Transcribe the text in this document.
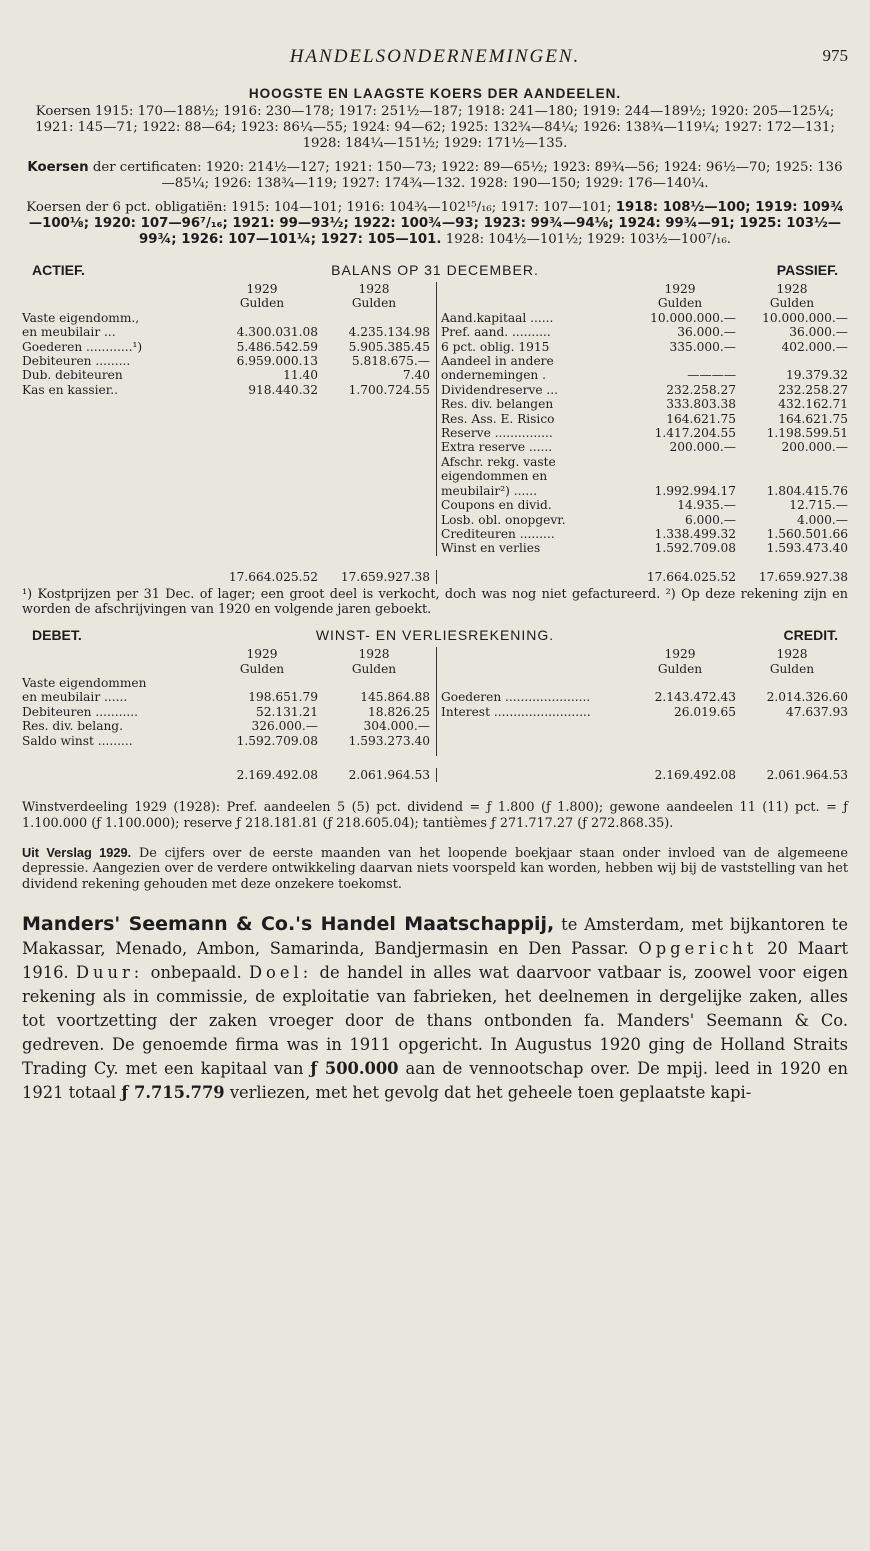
HANDELSONDERNEMINGEN.	975
HOOGSTE EN LAAGSTE KOERS DER AANDEELEN.

Koersen 1915: 170—188½; 1916: 230—178; 1917: 251½—187; 1918: 241—180; 1919: 244—189½; 1920: 205—125¼; 1921: 145—71; 1922: 88—64; 1923: 86¼—55; 1924: 94—62; 1925: 132¾—84¼; 1926: 138¾—119¼; 1927: 172—131; 1928: 184¼—151½; 1929: 171½—135.

Koersen der certificaten: 1920: 214½—127; 1921: 150—73; 1922: 89—65½; 1923: 89¾—56; 1924: 96½—70; 1925: 136—85¼; 1926: 138¾—119; 1927: 174¾—132. 1928: 190—150; 1929: 176—140¼.

Koersen der 6 pct. obligatiën: 1915: 104—101; 1916: 104¾—102¹⁵/₁₆; 1917: 107—101; 1918: 108½—100; 1919: 109¾—100⅛; 1920: 107—96⁷/₁₆; 1921: 99—93½; 1922: 100¾—93; 1923: 99¾—94⅛; 1924: 99¾—91; 1925: 103½—99¾; 1926: 107—101¼; 1927: 105—101. 1928: 104½—101½; 1929: 103½—100⁷/₁₆.

ACTIEF.	BALANS OP 31 DECEMBER.	PASSIEF.
1929	1928
Gulden	Gulden
Vaste eigendomm.,
en meubilair ...	4.300.031.08	4.235.134.98
Goederen ............¹)	5.486.542.59	5.905.385.45
Debiteuren .........	6.959.000.13	5.818.675.—
Dub. debiteuren	11.40	7.40
Kas en kassier..	918.440.32	1.700.724.55
1929	1928
Gulden	Gulden
Aand.kapitaal ......	10.000.000.—	10.000.000.—
Pref. aand. ..........	36.000.—	36.000.—
6 pct. oblig. 1915	335.000.—	402.000.—
Aandeel in andere
ondernemingen .	————	19.379.32
Dividendreserve ...	232.258.27	232.258.27
Res. div. belangen	333.803.38	432.162.71
Res. Ass. E. Risico	164.621.75	164.621.75
Reserve ...............	1.417.204.55	1.198.599.51
Extra reserve ......	200.000.—	200.000.—
Afschr. rekg. vaste
eigendommen en
meubilair²) ......	1.992.994.17	1.804.415.76
Coupons en divid.	14.935.—	12.715.—
Losb. obl. onopgevr.	6.000.—	4.000.—
Crediteuren .........	1.338.499.32	1.560.501.66
Winst en verlies	1.592.709.08	1.593.473.40
17.664.025.52	17.659.927.38	17.664.025.52	17.659.927.38

¹) Kostprijzen per 31 Dec. of lager; een groot deel is verkocht, doch was nog niet gefactureerd. ²) Op deze rekening zijn en worden de afschrijvingen van 1920 en volgende jaren geboekt.

DEBET.	WINST- EN VERLIESREKENING.	CREDIT.
1929	1928
Gulden	Gulden
Vaste eigendommen
en meubilair ......	198.651.79	145.864.88
Debiteuren ...........	52.131.21	18.826.25
Res. div. belang.	326.000.—	304.000.—
Saldo winst .........	1.592.709.08	1.593.273.40
1929	1928
Gulden	Gulden
Goederen ......................	2.143.472.43	2.014.326.60
Interest .........................	26.019.65	47.637.93
2.169.492.08	2.061.964.53	2.169.492.08	2.061.964.53

Winstverdeeling 1929 (1928): Pref. aandeelen 5 (5) pct. dividend = ƒ 1.800 (ƒ 1.800); gewone aandeelen 11 (11) pct. = ƒ 1.100.000 (ƒ 1.100.000); reserve ƒ 218.181.81 (ƒ 218.605.04); tantièmes ƒ 271.717.27 (ƒ 272.868.35).

Uit Verslag 1929. De cijfers over de eerste maanden van het loopende boekjaar staan onder invloed van de algemeene depressie. Aangezien over de verdere ontwikkeling daarvan niets voorspeld kan worden, hebben wij bij de vaststelling van het dividend rekening gehouden met deze onzekere toekomst.

Manders' Seemann & Co.'s Handel Maatschappij, te Amsterdam, met bijkantoren te Makassar, Menado, Ambon, Samarinda, Bandjermasin en Den Passar. Opgericht 20 Maart 1916. Duur: onbepaald. Doel: de handel in alles wat daarvoor vatbaar is, zoowel voor eigen rekening als in commissie, de exploitatie van fabrieken, het deelnemen in dergelijke zaken, alles tot voortzetting der zaken vroeger door de thans ontbonden fa. Manders' Seemann & Co. gedreven. De genoemde firma was in 1911 opgericht. In Augustus 1920 ging de Holland Straits Trading Cy. met een kapitaal van ƒ 500.000 aan de vennootschap over. De mpij. leed in 1920 en 1921 totaal ƒ 7.715.779 verliezen, met het gevolg dat het geheele toen geplaatste kapi-
